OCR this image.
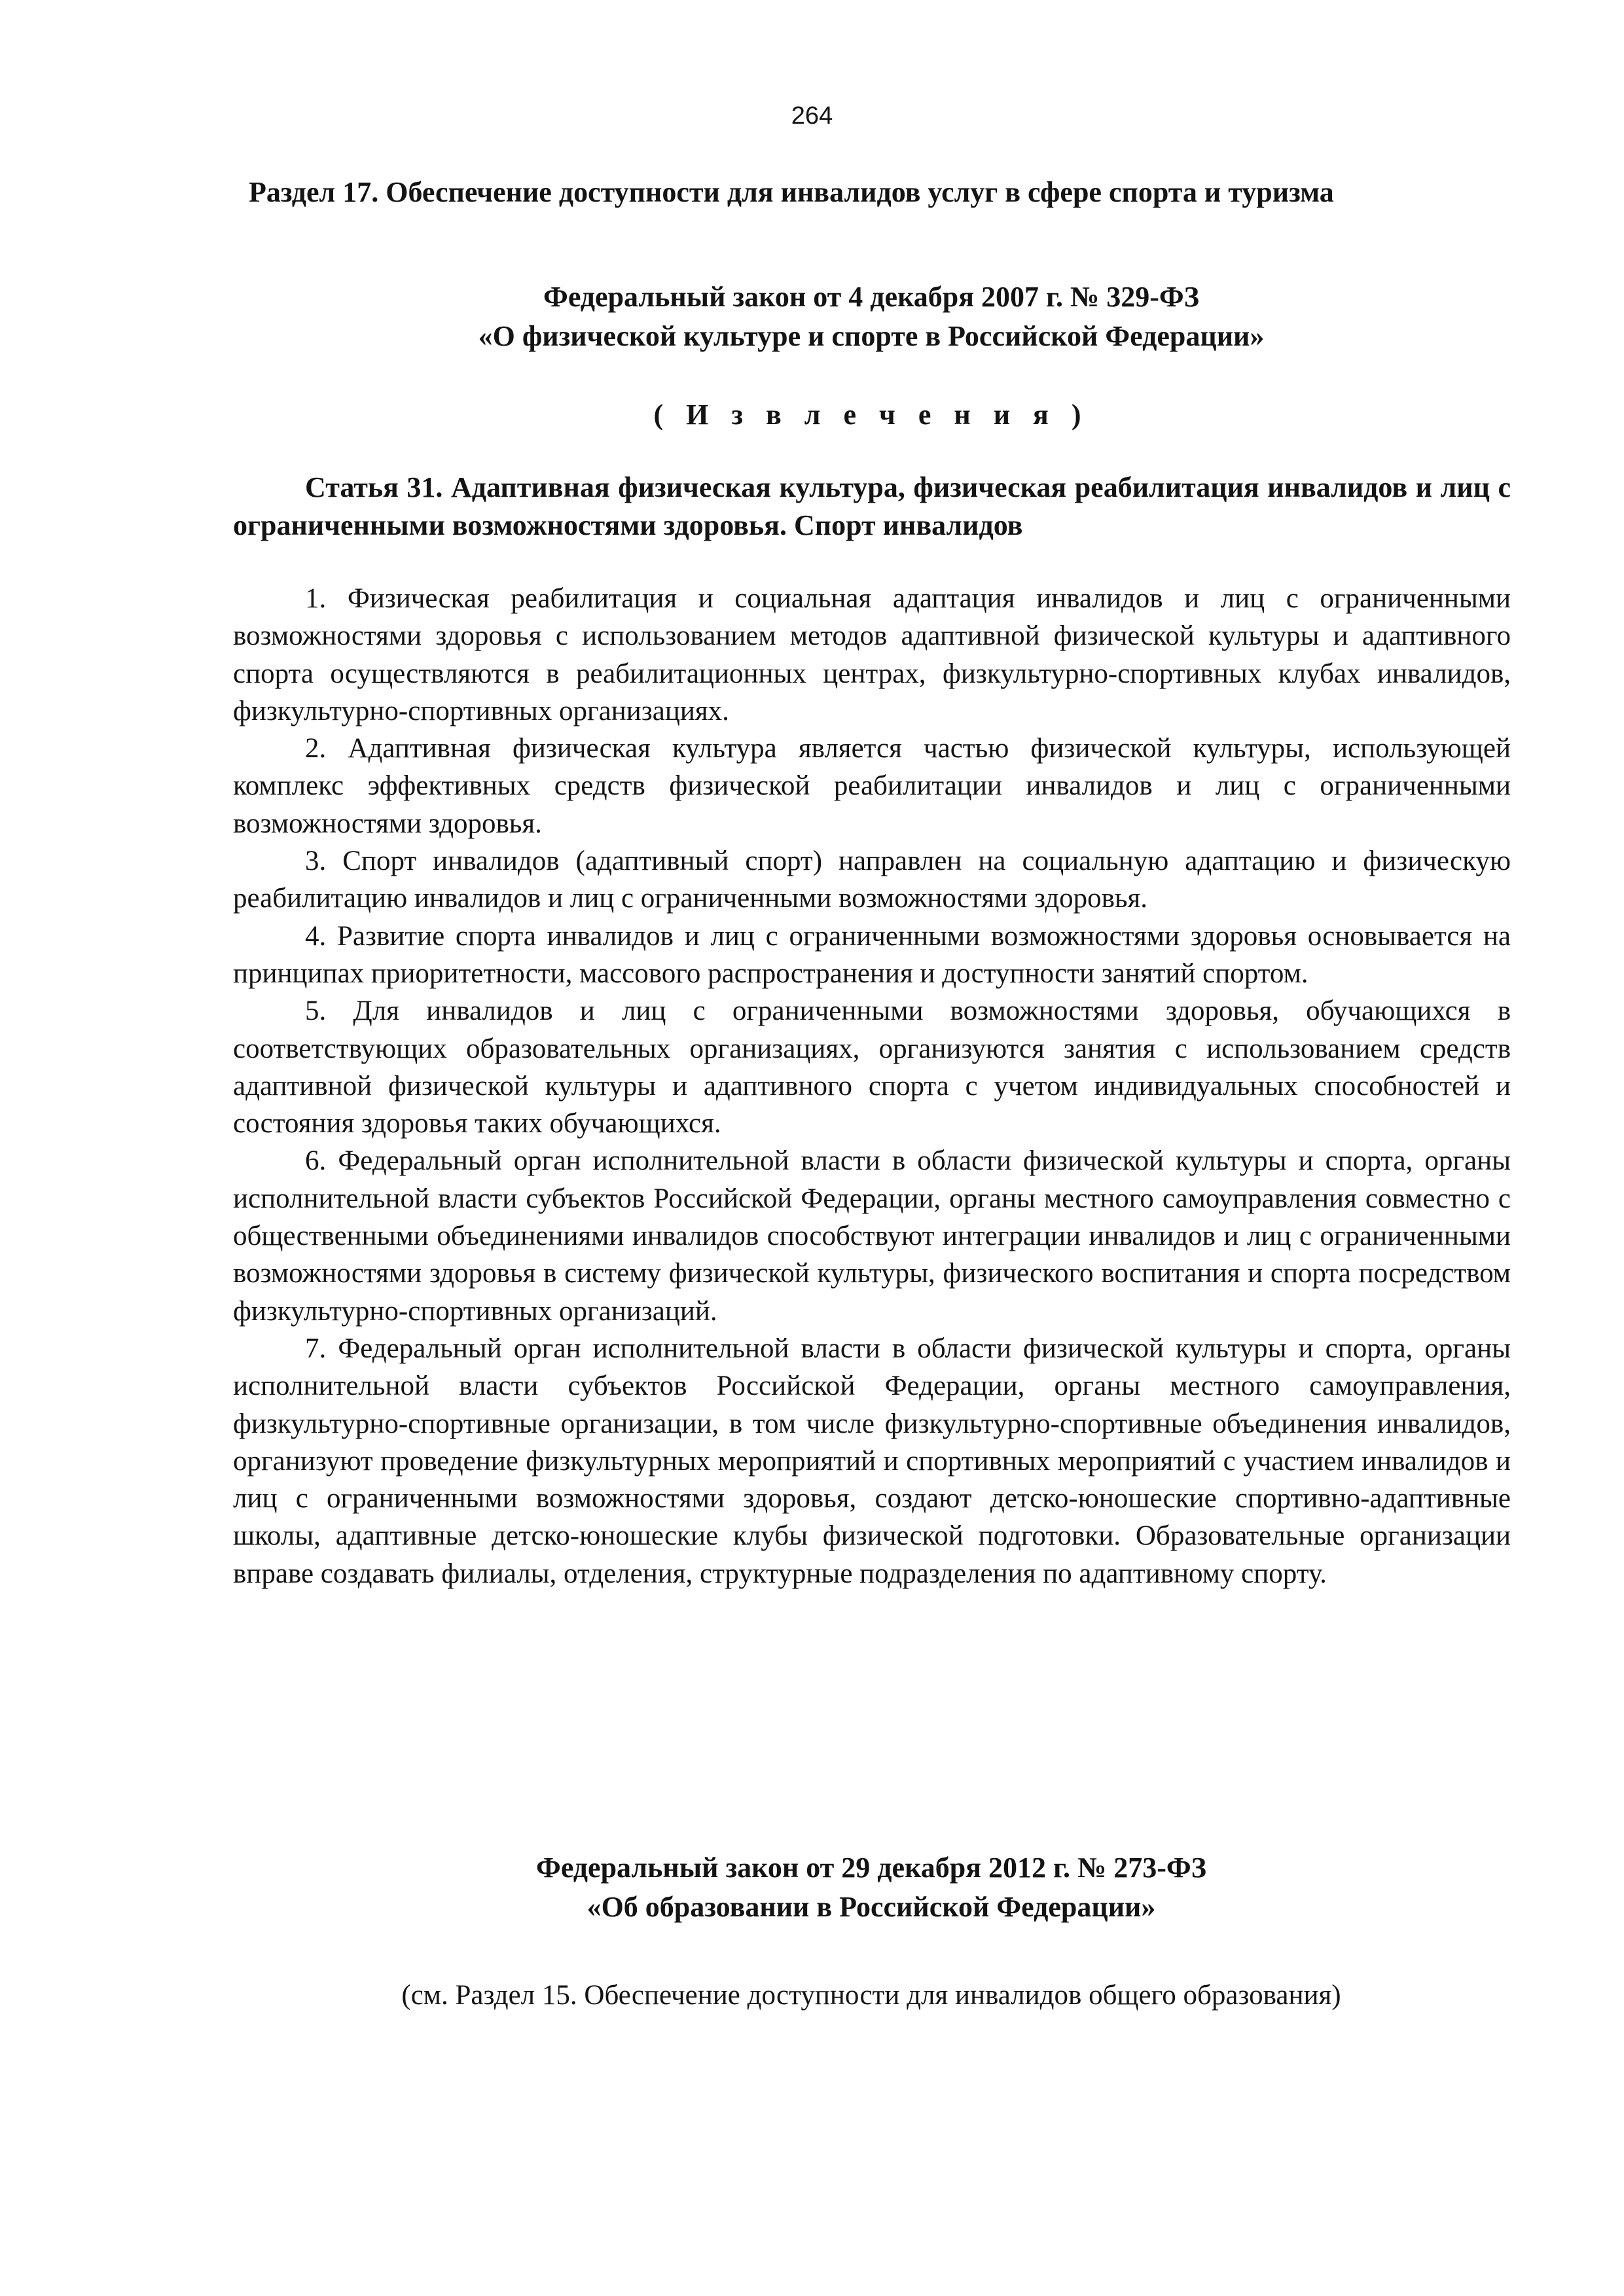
264
Раздел 17. Обеспечение доступности для инвалидов услуг в сфере спорта и туризма
Федеральный закон от 4 декабря 2007 г. № 329-ФЗ
«О физической культуре и спорте в Российской Федерации»
( И з в л е ч е н и я )
Статья 31. Адаптивная физическая культура, физическая реабилитация инвалидов и лиц с ограниченными возможностями здоровья. Спорт инвалидов

1. Физическая реабилитация и социальная адаптация инвалидов и лиц с ограниченными возможностями здоровья с использованием методов адаптивной физической культуры и адаптивного спорта осуществляются в реабилитационных центрах, физкультурно-спортивных клубах инвалидов, физкультурно-спортивных организациях.

2. Адаптивная физическая культура является частью физической культуры, использующей комплекс эффективных средств физической реабилитации инвалидов и лиц с ограниченными возможностями здоровья.

3. Спорт инвалидов (адаптивный спорт) направлен на социальную адаптацию и физическую реабилитацию инвалидов и лиц с ограниченными возможностями здоровья.

4. Развитие спорта инвалидов и лиц с ограниченными возможностями здоровья основывается на принципах приоритетности, массового распространения и доступности занятий спортом.

5. Для инвалидов и лиц с ограниченными возможностями здоровья, обучающихся в соответствующих образовательных организациях, организуются занятия с использованием средств адаптивной физической культуры и адаптивного спорта с учетом индивидуальных способностей и состояния здоровья таких обучающихся.

6. Федеральный орган исполнительной власти в области физической культуры и спорта, органы исполнительной власти субъектов Российской Федерации, органы местного самоуправления совместно с общественными объединениями инвалидов способствуют интеграции инвалидов и лиц с ограниченными возможностями здоровья в систему физической культуры, физического воспитания и спорта посредством физкультурно-спортивных организаций.

7. Федеральный орган исполнительной власти в области физической культуры и спорта, органы исполнительной власти субъектов Российской Федерации, органы местного самоуправления, физкультурно-спортивные организации, в том числе физкультурно-спортивные объединения инвалидов, организуют проведение физкультурных мероприятий и спортивных мероприятий с участием инвалидов и лиц с ограниченными возможностями здоровья, создают детско-юношеские спортивно-адаптивные школы, адаптивные детско-юношеские клубы физической подготовки. Образовательные организации вправе создавать филиалы, отделения, структурные подразделения по адаптивному спорту.

Федеральный закон от 29 декабря 2012 г. № 273-ФЗ
«Об образовании в Российской Федерации»
(см. Раздел 15. Обеспечение доступности для инвалидов общего образования)
